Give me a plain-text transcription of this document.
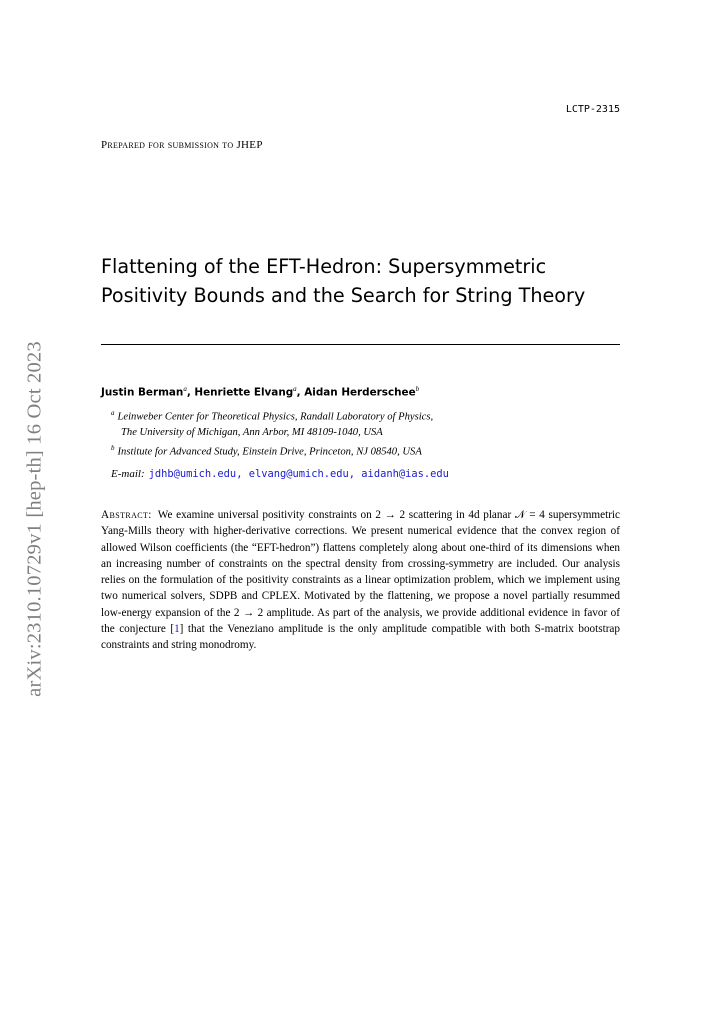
arXiv:2310.10729v1 [hep-th] 16 Oct 2023
LCTP-2315
Prepared for submission to JHEP
Flattening of the EFT-Hedron: Supersymmetric
Positivity Bounds and the Search for String Theory
Justin Berman$^a$, Henriette Elvang$^a$, Aidan Herderschee$^b$
$^a$ Leinweber Center for Theoretical Physics, Randall Laboratory of Physics,
The University of Michigan, Ann Arbor, MI 48109-1040, USA
$^b$ Institute for Advanced Study, Einstein Drive, Princeton, NJ 08540, USA
E-mail: jdhb@umich.edu, elvang@umich.edu, aidanh@ias.edu
Abstract: We examine universal positivity constraints on 2 → 2 scattering in 4d planar 𝒩 = 4 supersymmetric Yang-Mills theory with higher-derivative corrections. We present numerical evidence that the convex region of allowed Wilson coefficients (the “EFT-hedron”) flattens completely along about one-third of its dimensions when an increasing number of constraints on the spectral density from crossing-symmetry are included. Our analysis relies on the formulation of the positivity constraints as a linear optimization problem, which we implement using two numerical solvers, SDPB and CPLEX. Motivated by the flattening, we propose a novel partially resummed low-energy expansion of the 2 → 2 amplitude. As part of the analysis, we provide additional evidence in favor of the conjecture [1] that the Veneziano amplitude is the only amplitude compatible with both S-matrix bootstrap constraints and string monodromy.
